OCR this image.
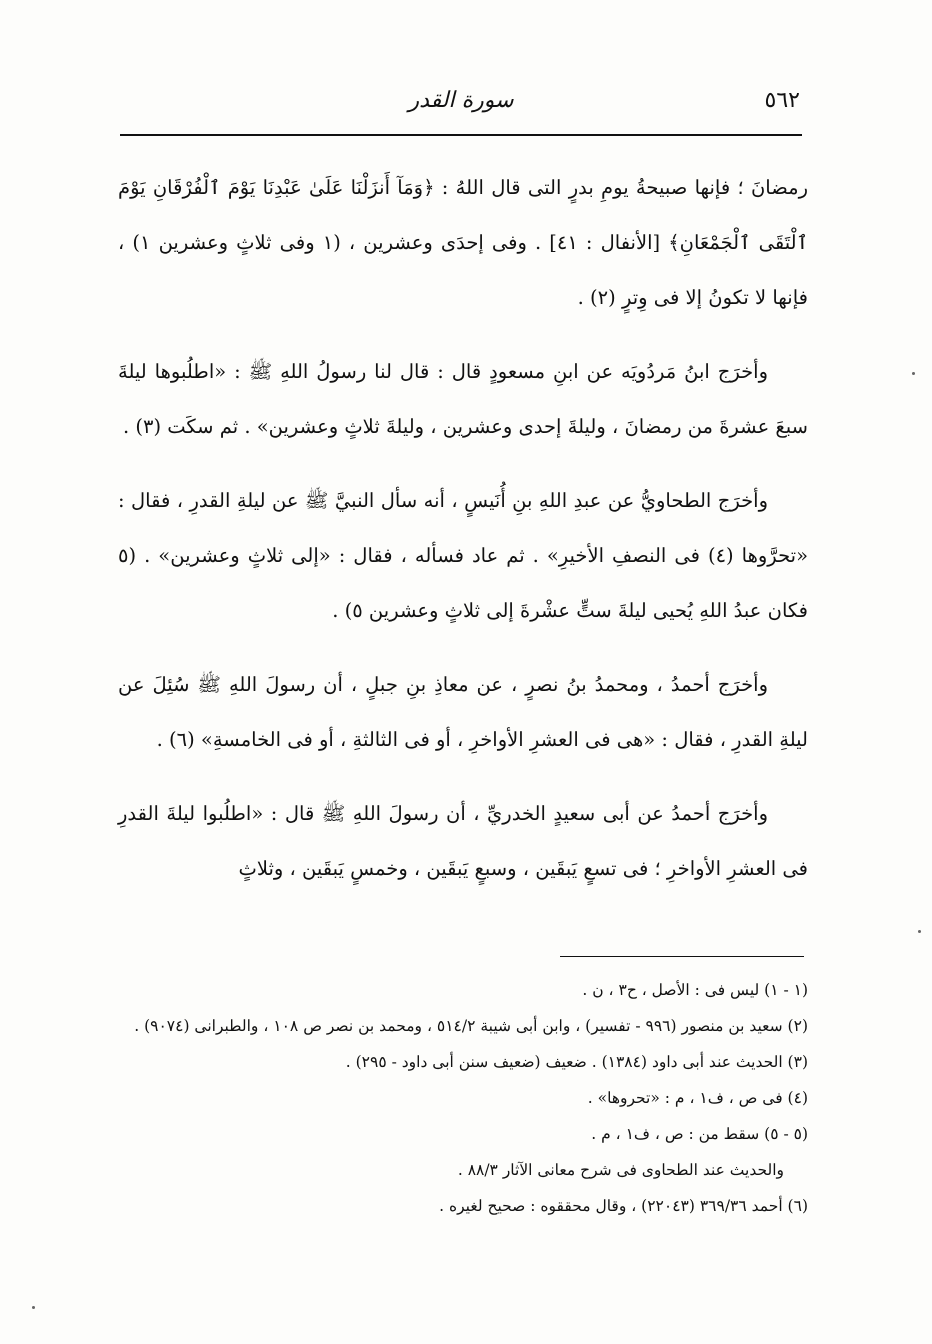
٥٦٢
سورة القدر

رمضانَ ؛ فإنها صبيحةُ يومِ بدرٍ التى قال اللهُ : ﴿وَمَآ أَنزَلْنَا عَلَىٰ عَبْدِنَا يَوْمَ ٱلْفُرْقَانِ يَوْمَ ٱلْتَقَى ٱلْجَمْعَانِ﴾ [الأنفال : ٤١] . وفى إحدَى وعشرين ، (١ وفى ثلاثٍ وعشرين ١) ، فإنها لا تكونُ إلا فى وِترٍ (٢) .

وأخرَج ابنُ مَردُويَه عن ابنِ مسعودٍ قال : قال لنا رسولُ اللهِ ﷺ : «اطلُبوها ليلةَ سبعَ عشرةَ من رمضانَ ، وليلةَ إحدى وعشرين ، وليلةَ ثلاثٍ وعشرين» . ثم سكَت (٣) .

وأخرَج الطحاويُّ عن عبدِ اللهِ بنِ أُنَيسٍ ، أنه سأل النبيَّ ﷺ عن ليلةِ القدرِ ، فقال : «تحرَّوها (٤) فى النصفِ الأخيرِ» . ثم عاد فسأله ، فقال : «إلى ثلاثٍ وعشرين» . (٥ فكان عبدُ اللهِ يُحيى ليلةَ ستٍّ عشْرةَ إلى ثلاثٍ وعشرين ٥) .

وأخرَج أحمدُ ، ومحمدُ بنُ نصرٍ ، عن معاذِ بنِ جبلٍ ، أن رسولَ اللهِ ﷺ سُئِلَ عن ليلةِ القدرِ ، فقال : «هى فى العشرِ الأواخرِ ، أو فى الثالثةِ ، أو فى الخامسةِ» (٦) .

وأخرَج أحمدُ عن أبى سعيدٍ الخدريِّ ، أن رسولَ اللهِ ﷺ قال : «اطلُبوا ليلةَ القدرِ فى العشرِ الأواخرِ ؛ فى تسعٍ يَبقَين ، وسبعٍ يَبقَين ، وخمسٍ يَبقَين ، وثلاثٍ

(١ - ١) ليس فى : الأصل ، ح٣ ، ن .

(٢) سعيد بن منصور (٩٩٦ - تفسير) ، وابن أبى شيبة ٥١٤/٢ ، ومحمد بن نصر ص ١٠٨ ، والطبرانى (٩٠٧٤) .

(٣) الحديث عند أبى داود (١٣٨٤) . ضعيف (ضعيف سنن أبى داود - ٢٩٥) .

(٤) فى ص ، ف١ ، م : «تحروها» .

(٥ - ٥) سقط من : ص ، ف١ ، م .

والحديث عند الطحاوى فى شرح معانى الآثار ٨٨/٣ .

(٦) أحمد ٣٦٩/٣٦ (٢٢٠٤٣) ، وقال محققوه : صحيح لغيره .
